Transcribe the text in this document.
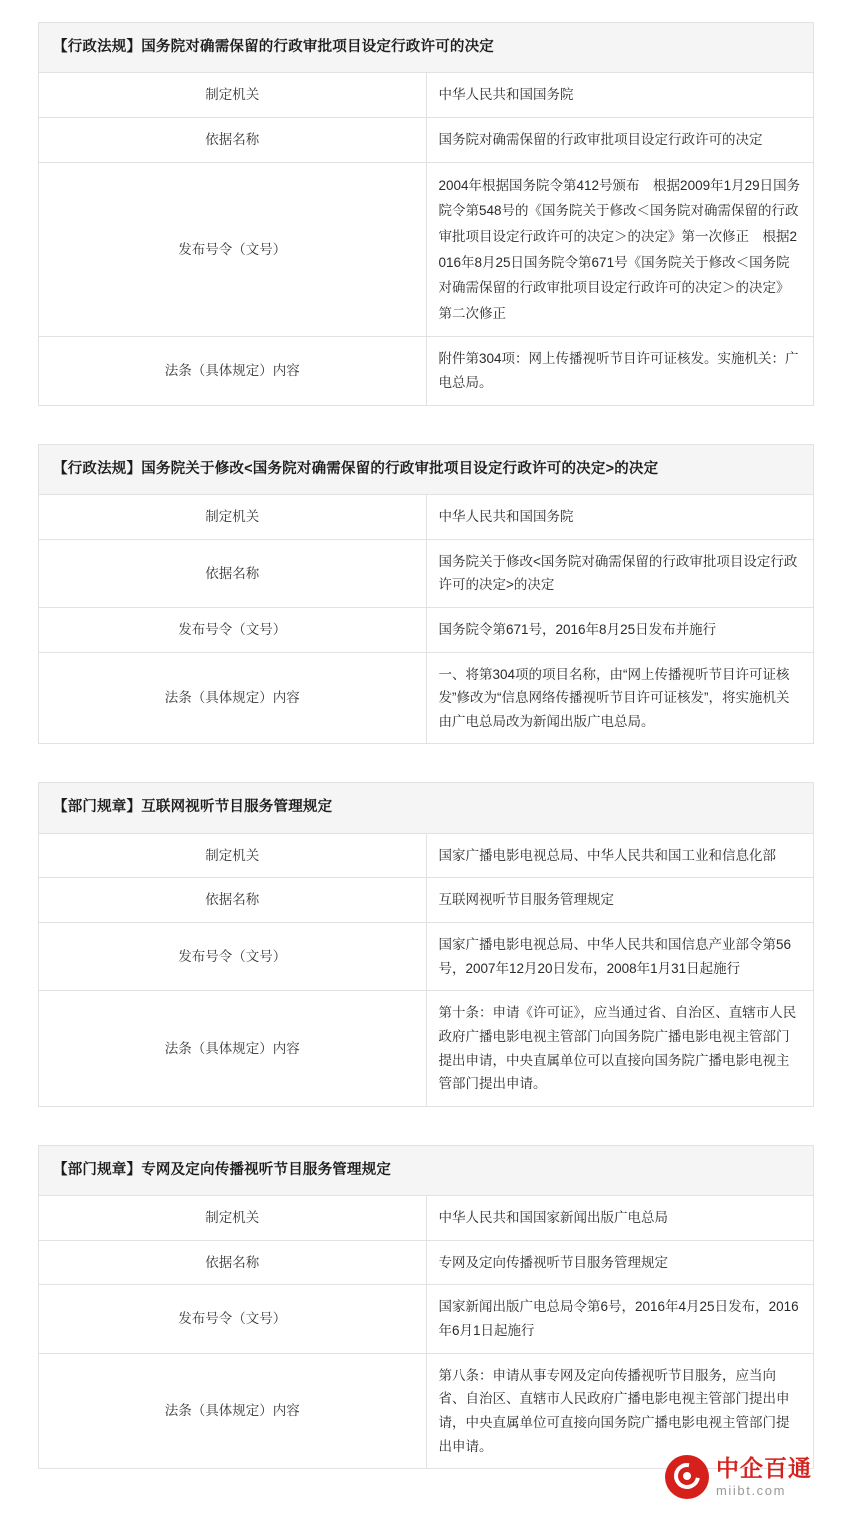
【行政法规】国务院对确需保留的行政审批项目设定行政许可的决定	
制定机关	中华人民共和国国务院
依据名称	国务院对确需保留的行政审批项目设定行政许可的决定
发布号令（文号）	2004年根据国务院令第412号颁布　根据2009年1月29日国务院令第548号的《国务院关于修改＜国务院对确需保留的行政审批项目设定行政许可的决定＞的决定》第一次修正　根据2016年8月25日国务院令第671号《国务院关于修改＜国务院对确需保留的行政审批项目设定行政许可的决定＞的决定》第二次修正
法条（具体规定）内容	附件第304项：网上传播视听节目许可证核发。实施机关：广电总局。
【行政法规】国务院关于修改<国务院对确需保留的行政审批项目设定行政许可的决定>的决定	
制定机关	中华人民共和国国务院
依据名称	国务院关于修改<国务院对确需保留的行政审批项目设定行政许可的决定>的决定
发布号令（文号）	国务院令第671号，2016年8月25日发布并施行
法条（具体规定）内容	一、将第304项的项目名称，由“网上传播视听节目许可证核发”修改为“信息网络传播视听节目许可证核发”，将实施机关由广电总局改为新闻出版广电总局。
【部门规章】互联网视听节目服务管理规定	
制定机关	国家广播电影电视总局、中华人民共和国工业和信息化部
依据名称	互联网视听节目服务管理规定
发布号令（文号）	国家广播电影电视总局、中华人民共和国信息产业部令第56号，2007年12月20日发布，2008年1月31日起施行
法条（具体规定）内容	第十条：申请《许可证》，应当通过省、自治区、直辖市人民政府广播电影电视主管部门向国务院广播电影电视主管部门提出申请，中央直属单位可以直接向国务院广播电影电视主管部门提出申请。
【部门规章】专网及定向传播视听节目服务管理规定	
制定机关	中华人民共和国国家新闻出版广电总局
依据名称	专网及定向传播视听节目服务管理规定
发布号令（文号）	国家新闻出版广电总局令第6号，2016年4月25日发布，2016年6月1日起施行
法条（具体规定）内容	第八条：申请从事专网及定向传播视听节目服务，应当向省、自治区、直辖市人民政府广播电影电视主管部门提出申请，中央直属单位可直接向国务院广播电影电视主管部门提出申请。
中企百通
miibt.com
